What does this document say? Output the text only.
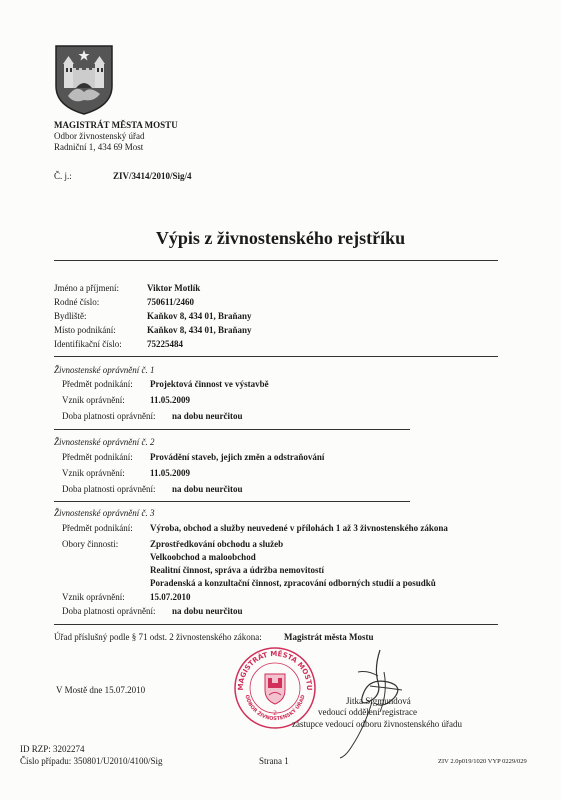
MAGISTRÁT MĚSTA MOSTU
Odbor živnostenský úřad
Radniční 1, 434 69 Most
Č. j.:	ZIV/3414/2010/Sig/4
Výpis z živnostenského rejstříku
Jméno a příjmení:	Viktor Motlík
Rodné číslo:	750611/2460
Bydliště:	Kaňkov 8, 434 01, Braňany
Místo podnikání:	Kaňkov 8, 434 01, Braňany
Identifikační číslo:	75225484
Živnostenské oprávnění č. 1
Předmět podnikání: Projektová činnost ve výstavbě
Vznik oprávnění:	11.05.2009
Doba platnosti oprávnění: na dobu neurčitou
Živnostenské oprávnění č. 2
Předmět podnikání: Provádění staveb, jejich změn a odstraňování
Vznik oprávnění:	11.05.2009
Doba platnosti oprávnění: na dobu neurčitou
Živnostenské oprávnění č. 3
Předmět podnikání: Výroba, obchod a služby neuvedené v přílohách 1 až 3 živnostenského zákona
Obory činnosti:	Zprostředkování obchodu a služeb
Velkoobchod a maloobchod
Realitní činnost, správa a údržba nemovitostí
Poradenská a konzultační činnost, zpracování odborných studií a posudků
Vznik oprávnění:	15.07.2010
Doba platnosti oprávnění: na dobu neurčitou
Úřad příslušný podle § 71 odst. 2 živnostenského zákona: Magistrát města Mostu
V Mostě dne 15.07.2010	MAGISTRÁT MĚSTA MOSTU
ODBOR ŽIVNOSTENSKÝ ÚŘAD
2
Jitka Sigmundová
vedoucí oddělení registrace
zástupce vedoucí odboru živnostenského úřadu
ID RZP: 3202274
Číslo případu: 350801/U2010/4100/Sig	Strana 1	ZIV 2.0p019/1020 VYP 0229/029
